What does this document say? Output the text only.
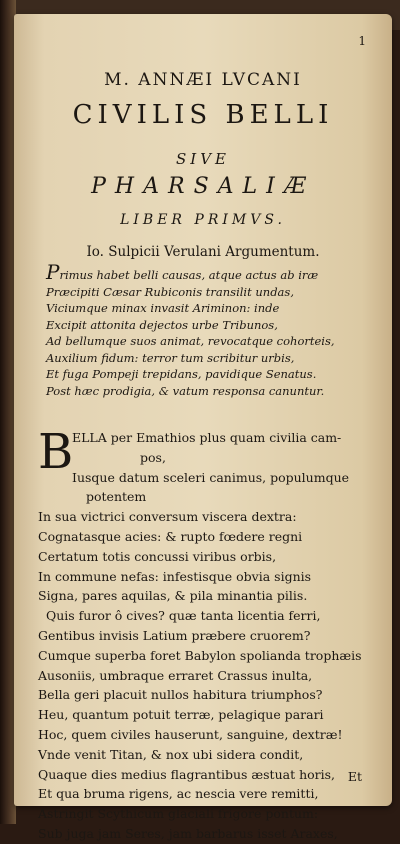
1
M. ANNÆI LVCANI
CIVILIS BELLI
SIVE
PHARSALIÆ
LIBER PRIMVS.
Io. Sulpicii Verulani Argumentum.
Primus habet belli causas, atque actus ab iræ
Præcipiti Cæsar Rubiconis transilit undas,
Viciumque minax invasit Ariminon: inde
Excipit attonita dejectos urbe Tribunos,
Ad bellumque suos animat, revocatque cohorteis,
Auxilium fidum: terror tum scribitur urbis,
Et fuga Pompeji trepidans, pavidique Senatus.
Post hæc prodigia, & vatum responsa canuntur.
B
ELLA per Emathios plus quam civilia cam-
pos,
Iusque datum sceleri canimus, populumque
potentem
In sua victrici conversum viscera dextra:
Cognatasque acies: & rupto fœdere regni
Certatum totis concussi viribus orbis,
In commune nefas: infestisque obvia signis
Signa, pares aquilas, & pila minantia pilis.
Quis furor ô cives? quæ tanta licentia ferri,
Gentibus invisis Latium præbere cruorem?
Cumque superba foret Babylon spolianda trophæis
Ausoniis, umbraque erraret Crassus inulta,
Bella geri placuit nullos habitura triumphos?
Heu, quantum potuit terræ, pelagique parari
Hoc, quem civiles hauserunt, sanguine, dextræ!
Vnde venit Titan, & nox ubi sidera condit,
Quaque dies medius flagrantibus æstuat horis,
Et qua bruma rigens, ac nescia vere remitti,
Astringit Scythicum glaciali frigore pontum:
Sub juga jam Seres, jam barbarus isset Araxes,
Et
